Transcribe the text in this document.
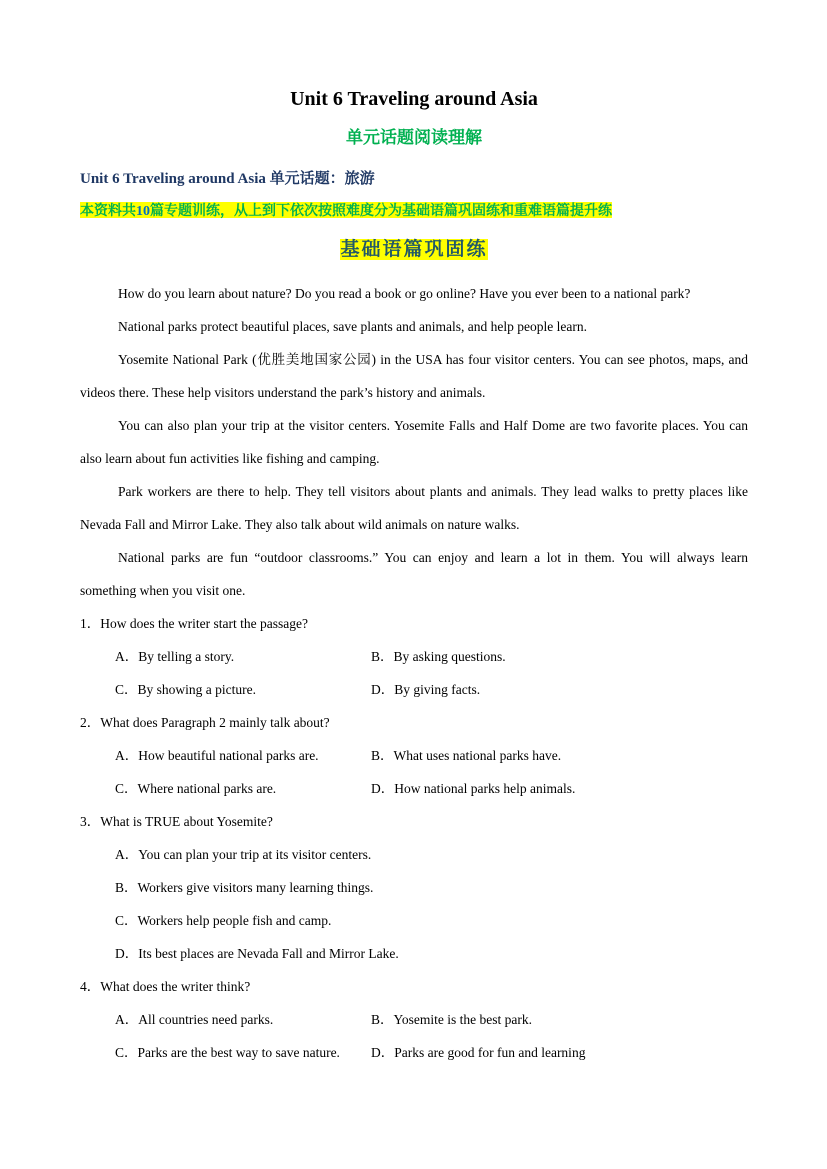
Unit 6 Traveling around Asia
单元话题阅读理解

Unit 6 Traveling around Asia 单元话题：旅游

本资料共10篇专题训练，从上到下依次按照难度分为基础语篇巩固练和重难语篇提升练

基础语篇巩固练

How do you learn about nature? Do you read a book or go online? Have you ever been to a national park?

National parks protect beautiful places, save plants and animals, and help people learn.

Yosemite National Park (优胜美地国家公园) in the USA has four visitor centers. You can see photos, maps, and videos there. These help visitors understand the park’s history and animals.

You can also plan your trip at the visitor centers. Yosemite Falls and Half Dome are two favorite places. You can also learn about fun activities like fishing and camping.

Park workers are there to help. They tell visitors about plants and animals. They lead walks to pretty places like Nevada Fall and Mirror Lake. They also talk about wild animals on nature walks.

National parks are fun “outdoor classrooms.” You can enjoy and learn a lot in them. You will always learn something when you visit one.

1．How does the writer start the passage?

A．By telling a story.	B．By asking questions.
C．By showing a picture.	D．By giving facts.

2．What does Paragraph 2 mainly talk about?

A．How beautiful national parks are.	B．What uses national parks have.
C．Where national parks are.	D．How national parks help animals.

3．What is TRUE about Yosemite?

A．You can plan your trip at its visitor centers.
B．Workers give visitors many learning things.
C．Workers help people fish and camp.
D．Its best places are Nevada Fall and Mirror Lake.

4．What does the writer think?

A．All countries need parks.	B．Yosemite is the best park.
C．Parks are the best way to save nature.	D．Parks are good for fun and learning
